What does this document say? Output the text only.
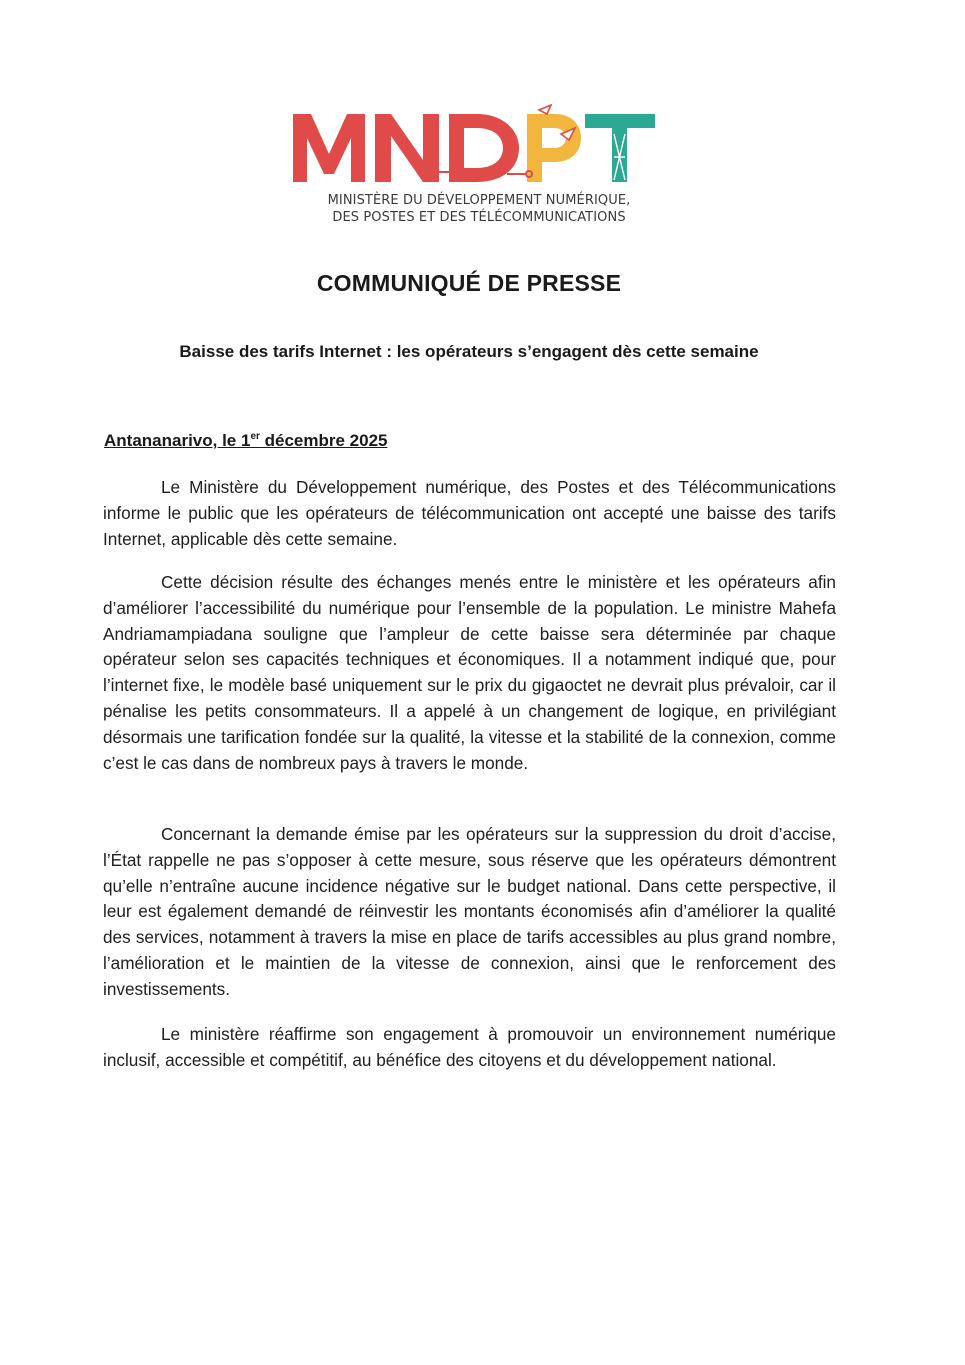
MINISTÈRE DU DÉVELOPPEMENT NUMÉRIQUE,
DES POSTES ET DES TÉLÉCOMMUNICATIONS
COMMUNIQUÉ DE PRESSE
Baisse des tarifs Internet : les opérateurs s’engagent dès cette semaine
Antananarivo, le 1er décembre 2025

Le Ministère du Développement numérique, des Postes et des Télécommunications informe le public que les opérateurs de télécommunication ont accepté une baisse des tarifs Internet, applicable dès cette semaine.

Cette décision résulte des échanges menés entre le ministère et les opérateurs afin d’améliorer l’accessibilité du numérique pour l’ensemble de la population. Le ministre Mahefa Andriamampiadana souligne que l’ampleur de cette baisse sera déterminée par chaque opérateur selon ses capacités techniques et économiques. Il a notamment indiqué que, pour l’internet fixe, le modèle basé uniquement sur le prix du gigaoctet ne devrait plus prévaloir, car il pénalise les petits consommateurs. Il a appelé à un changement de logique, en privilégiant désormais une tarification fondée sur la qualité, la vitesse et la stabilité de la connexion, comme c’est le cas dans de nombreux pays à travers le monde.

Concernant la demande émise par les opérateurs sur la suppression du droit d’accise, l’État rappelle ne pas s’opposer à cette mesure, sous réserve que les opérateurs démontrent qu’elle n’entraîne aucune incidence négative sur le budget national. Dans cette perspective, il leur est également demandé de réinvestir les montants économisés afin d’améliorer la qualité des services, notamment à travers la mise en place de tarifs accessibles au plus grand nombre, l’amélioration et le maintien de la vitesse de connexion, ainsi que le renforcement des investissements.

Le ministère réaffirme son engagement à promouvoir un environnement numérique inclusif, accessible et compétitif, au bénéfice des citoyens et du développement national.
